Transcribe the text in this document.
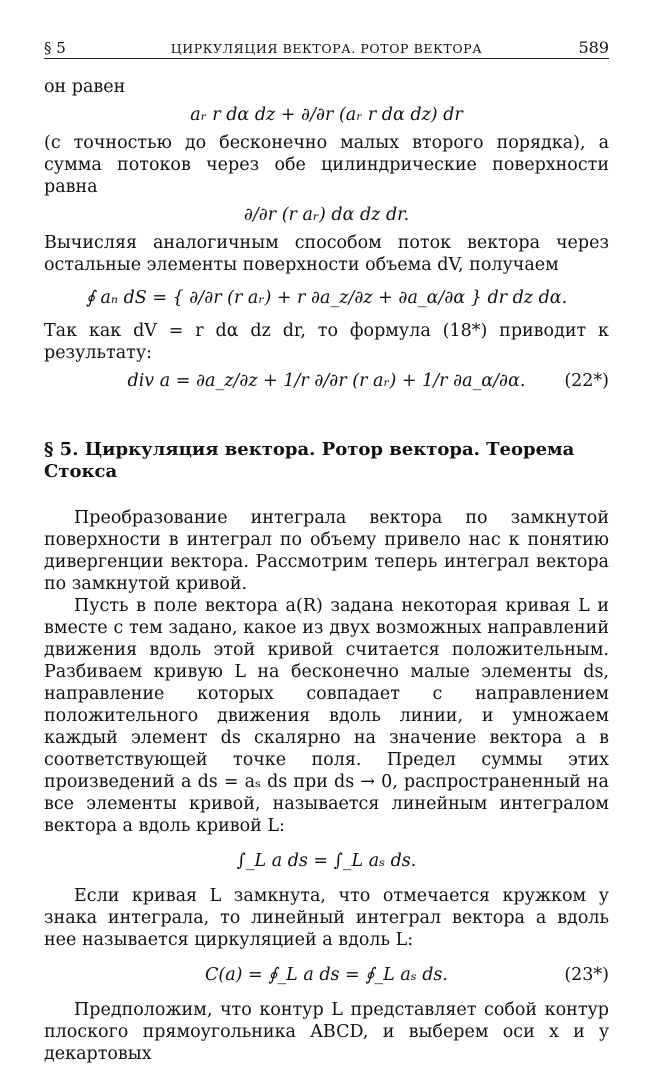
§ 5	ЦИРКУЛЯЦИЯ ВЕКТОРА. РОТОР ВЕКТОРА	589

он равен

aᵣ r dα dz + ∂/∂r (aᵣ r dα dz) dr

(с точностью до бесконечно малых второго порядка), а сумма потоков через обе цилиндрические поверхности равна

∂/∂r (r aᵣ) dα dz dr.

Вычисляя аналогичным способом поток вектора через остальные элементы поверхности объема dV, получаем

∮ aₙ dS = { ∂/∂r (r aᵣ) + r ∂a_z/∂z + ∂a_α/∂α } dr dz dα.

Так как dV = r dα dz dr, то формула (18*) приводит к результату:

div a = ∂a_z/∂z + 1/r ∂/∂r (r aᵣ) + 1/r ∂a_α/∂α. (22*)
§ 5. Циркуляция вектора. Ротор вектора. Теорема Стокса

Преобразование интеграла вектора по замкнутой поверхности в интеграл по объему привело нас к понятию дивергенции вектора. Рассмотрим теперь интеграл вектора по замкнутой кривой.

Пусть в поле вектора a(R) задана некоторая кривая L и вместе с тем задано, какое из двух возможных направлений движения вдоль этой кривой считается положительным. Разбиваем кривую L на бесконечно малые элементы ds, направление которых совпадает с направлением положительного движения вдоль линии, и умножаем каждый элемент ds скалярно на значение вектора a в соответствующей точке поля. Предел суммы этих произведений a ds = aₛ ds при ds → 0, распространенный на все элементы кривой, называется линейным интегралом вектора a вдоль кривой L:

∫_L a ds = ∫_L aₛ ds.

Если кривая L замкнута, что отмечается кружком у знака интеграла, то линейный интеграл вектора a вдоль нее называется циркуляцией a вдоль L:

C(a) = ∮_L a ds = ∮_L aₛ ds.	(23*)

Предположим, что контур L представляет собой контур плоского прямоугольника ABCD, и выберем оси x и y декартовых
